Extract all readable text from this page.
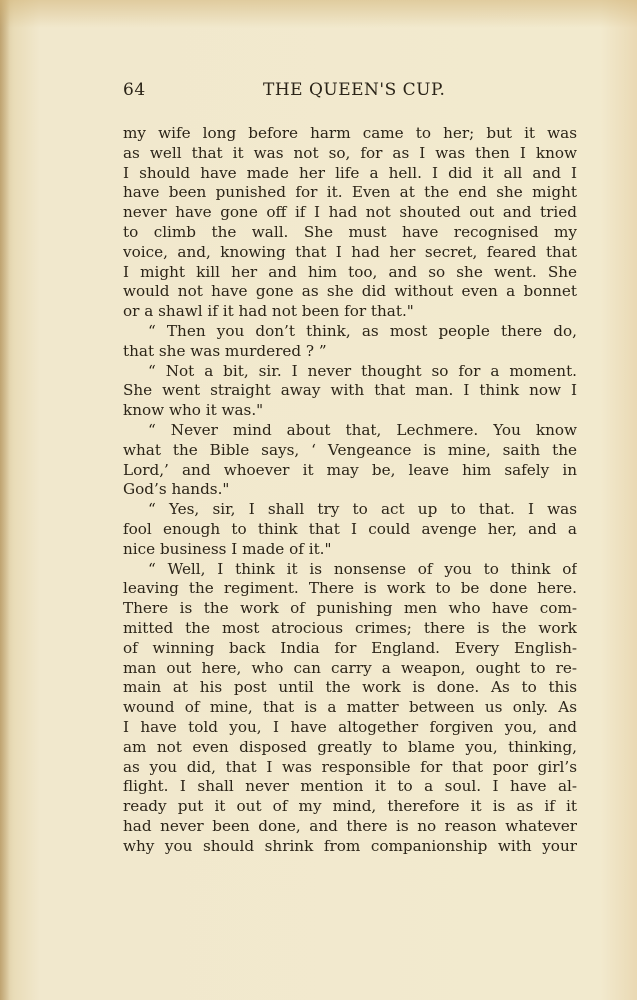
64	THE QUEEN'S CUP.
my wife long before harm came to her; but it was
as well that it was not so, for as I was then I know
I should have made her life a hell. I did it all and I
have been punished for it. Even at the end she might
never have gone off if I had not shouted out and tried
to climb the wall. She must have recognised my
voice, and, knowing that I had her secret, feared that
I might kill her and him too, and so she went. She
would not have gone as she did without even a bonnet
or a shawl if it had not been for that."
“ Then you don’t think, as most people there do,
that she was murdered ? ”
“ Not a bit, sir. I never thought so for a moment.
She went straight away with that man. I think now I
know who it was."
“ Never mind about that, Lechmere. You know
what the Bible says, ‘ Vengeance is mine, saith the
Lord,’ and whoever it may be, leave him safely in
God’s hands."
“ Yes, sir, I shall try to act up to that. I was
fool enough to think that I could avenge her, and a
nice business I made of it."
“ Well, I think it is nonsense of you to think of
leaving the regiment. There is work to be done here.
There is the work of punishing men who have com-
mitted the most atrocious crimes; there is the work
of winning back India for England. Every English-
man out here, who can carry a weapon, ought to re-
main at his post until the work is done. As to this
wound of mine, that is a matter between us only. As
I have told you, I have altogether forgiven you, and
am not even disposed greatly to blame you, thinking,
as you did, that I was responsible for that poor girl’s
flight. I shall never mention it to a soul. I have al-
ready put it out of my mind, therefore it is as if it
had never been done, and there is no reason whatever
why you should shrink from companionship with your
